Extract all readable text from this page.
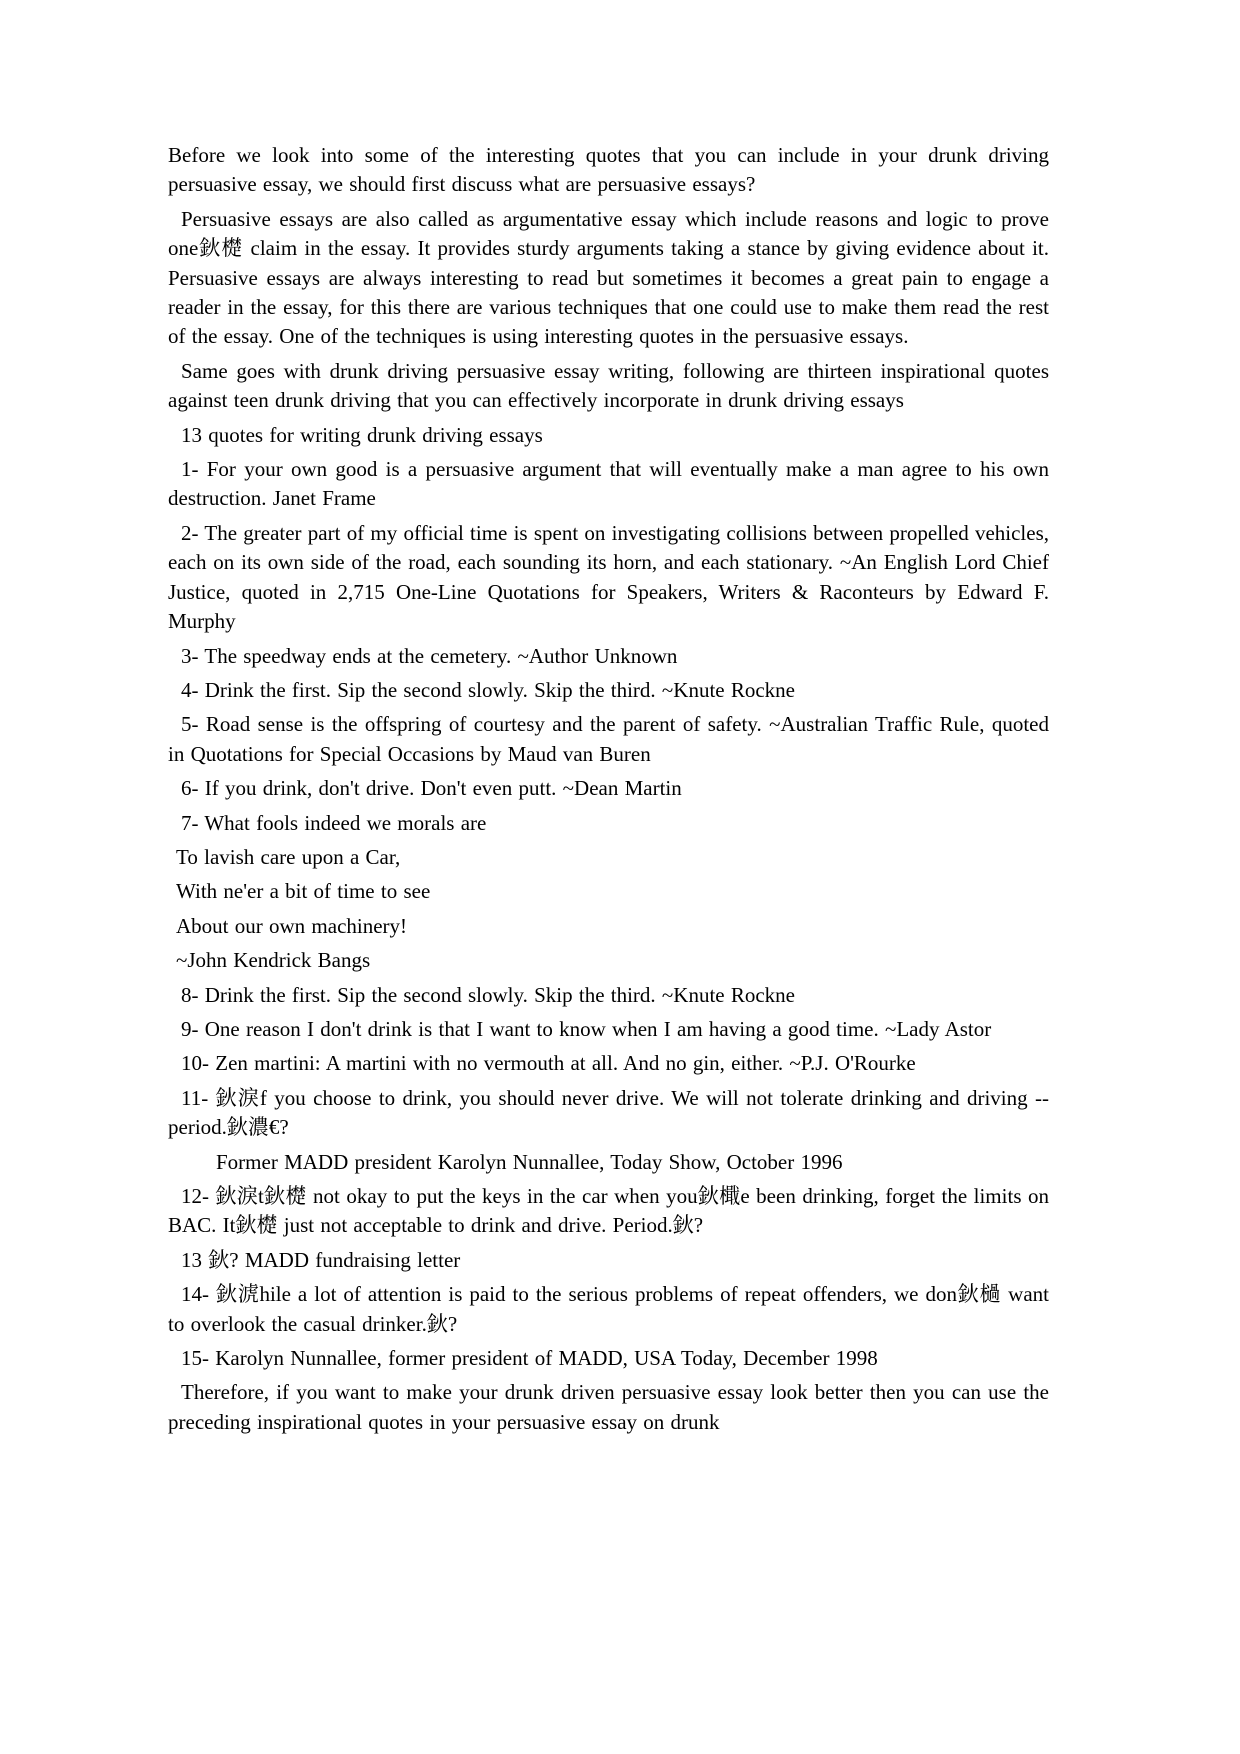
Before we look into some of the interesting quotes that you can include in your drunk driving persuasive essay, we should first discuss what are persuasive essays?

Persuasive essays are also called as argumentative essay which include reasons and logic to prove one鈥檚 claim in the essay. It provides sturdy arguments taking a stance by giving evidence about it. Persuasive essays are always interesting to read but sometimes it becomes a great pain to engage a reader in the essay, for this there are various techniques that one could use to make them read the rest of the essay. One of the techniques is using interesting quotes in the persuasive essays.

Same goes with drunk driving persuasive essay writing, following are thirteen inspirational quotes against teen drunk driving that you can effectively incorporate in drunk driving essays

13 quotes for writing drunk driving essays

1- For your own good is a persuasive argument that will eventually make a man agree to his own destruction. Janet Frame

2- The greater part of my official time is spent on investigating collisions between propelled vehicles, each on its own side of the road, each sounding its horn, and each stationary. ~An English Lord Chief Justice, quoted in 2,715 One-Line Quotations for Speakers, Writers & Raconteurs by Edward F. Murphy

3- The speedway ends at the cemetery. ~Author Unknown

4- Drink the first. Sip the second slowly. Skip the third. ~Knute Rockne

5- Road sense is the offspring of courtesy and the parent of safety. ~Australian Traffic Rule, quoted in Quotations for Special Occasions by Maud van Buren

6- If you drink, don't drive. Don't even putt. ~Dean Martin

7- What fools indeed we morals are

To lavish care upon a Car,

With ne'er a bit of time to see

About our own machinery!

~John Kendrick Bangs

8- Drink the first. Sip the second slowly. Skip the third. ~Knute Rockne

9- One reason I don't drink is that I want to know when I am having a good time. ~Lady Astor

10- Zen martini: A martini with no vermouth at all. And no gin, either. ~P.J. O'Rourke

11- 鈥淚f you choose to drink, you should never drive. We will not tolerate drinking and driving -- period.鈥濃€?

Former MADD president Karolyn Nunnallee, Today Show, October 1996

12- 鈥淚t鈥檚 not okay to put the keys in the car when you鈥檝e been drinking, forget the limits on BAC. It鈥檚 just not acceptable to drink and drive. Period.鈥?

13 鈥? MADD fundraising letter

14- 鈥淲hile a lot of attention is paid to the serious problems of repeat offenders, we don鈥檛 want to overlook the casual drinker.鈥?

15- Karolyn Nunnallee, former president of MADD, USA Today, December 1998

Therefore, if you want to make your drunk driven persuasive essay look better then you can use the preceding inspirational quotes in your persuasive essay on drunk
